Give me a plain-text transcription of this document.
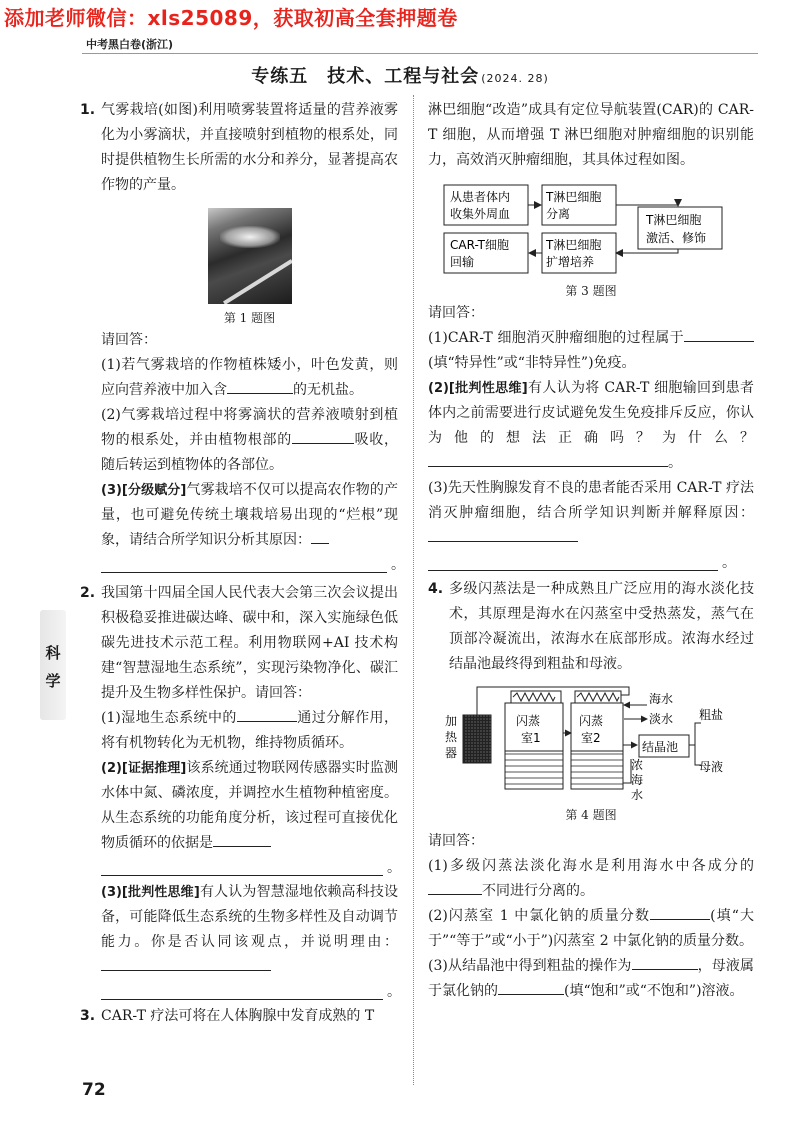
添加老师微信：xls25089，获取初高全套押题卷
中考黑白卷(浙江)
专练五　技术、工程与社会 (2024. 28)
科
学
1. 气雾栽培(如图)利用喷雾装置将适量的营养液雾化为小雾滴状，并直接喷射到植物的根系处，同时提供植物生长所需的水分和养分，显著提高农作物的产量。

第 1 题图

请回答：

(1)若气雾栽培的作物植株矮小，叶色发黄，则应向营养液中加入含	的无机盐。

(2)气雾栽培过程中将雾滴状的营养液喷射到植物的根系处，并由植物根部的	吸收，随后转运到植物体的各部位。

(3)[分级赋分]气雾栽培不仅可以提高农作物的产量，也可避免传统土壤栽培易出现的“烂根”现象，请结合所学知识分析其原因：

。
2. 我国第十四届全国人民代表大会第三次会议提出积极稳妥推进碳达峰、碳中和，深入实施绿色低碳先进技术示范工程。利用物联网+AI 技术构建“智慧湿地生态系统”，实现污染物净化、碳汇提升及生物多样性保护。请回答：

(1)湿地生态系统中的	通过分解作用，将有机物转化为无机物，维持物质循环。

(2)[证据推理]该系统通过物联网传感器实时监测水体中氮、磷浓度，并调控水生植物种植密度。从生态系统的功能角度分析，该过程可直接优化物质循环的依据是

。

(3)[批判性思维]有人认为智慧湿地依赖高科技设备，可能降低生态系统的生物多样性及自动调节能力。你是否认同该观点，并说明理由：

。
3. CAR-T 疗法可将在人体胸腺中发育成熟的 T

淋巴细胞“改造”成具有定位导航装置(CAR)的 CAR-T 细胞，从而增强 T 淋巴细胞对肿瘤细胞的识别能力，高效消灭肿瘤细胞，其具体过程如图。

从患者体内
收集外周血
T淋巴细胞
分离	T淋巴细胞
激活、修饰
T淋巴细胞
扩增培养
CAR-T细胞
回输
第 3 题图

请回答：

(1)CAR-T 细胞消灭肿瘤细胞的过程属于(填“特异性”或“非特异性”)免疫。

(2)[批判性思维]有人认为将 CAR-T 细胞输回到患者体内之前需要进行皮试避免发生免疫排斥反应，你认为他的想法正确吗？为什么？。

(3)先天性胸腺发育不良的患者能否采用 CAR-T 疗法消灭肿瘤细胞，结合所学知识判断并解释原因：

。
4. 多级闪蒸法是一种成熟且广泛应用的海水淡化技术，其原理是海水在闪蒸室中受热蒸发，蒸气在顶部冷凝流出，浓海水在底部形成。浓海水经过结晶池最终得到粗盐和母液。

加
热
器
闪蒸
室1
闪蒸
室2
海水
淡水
结晶池
浓
海
水
粗盐
母液
第 4 题图

请回答：

(1)多级闪蒸法淡化海水是利用海水中各成分的不同进行分离的。

(2)闪蒸室 1 中氯化钠的质量分数	(填“大于”“等于”或“小于”)闪蒸室 2 中氯化钠的质量分数。

(3)从结晶池中得到粗盐的操作为	，母液属于氯化钠的	(填“饱和”或“不饱和”)溶液。

72
